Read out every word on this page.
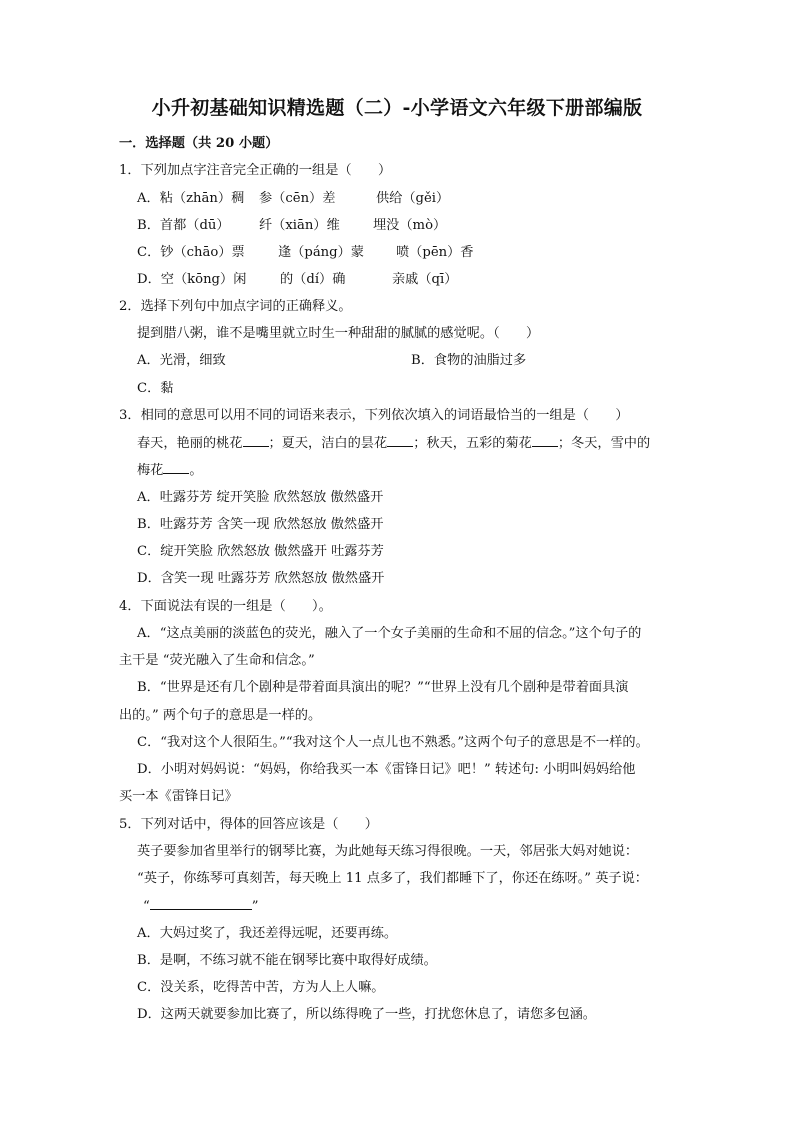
小升初基础知识精选题（二）-小学语文六年级下册部编版
一．选择题（共 20 小题）
1．下列加点字注音完全正确的一组是（　　）
A．粘（zhān）稠 参（cēn）差	供给（gěi）
B．首都（dū） 纤（xiān）维	埋没（mò）
C．钞（chāo）票	逢（páng）蒙 喷（pēn）香
D．空（kōng）闲	的（dí）确	亲戚（qī）
2．选择下列句中加点字词的正确释义。
提到腊八粥，谁不是嘴里就立时生一种甜甜的腻腻的感觉呢。（　　）
A．光滑，细致	B．食物的油脂过多
C．黏
3．相同的意思可以用不同的词语来表示，下列依次填入的词语最恰当的一组是（　　）
春天，艳丽的桃花 ；夏天，洁白的昙花 ；秋天，五彩的菊花 ；冬天，雪中的
梅花 。
A．吐露芬芳 绽开笑脸 欣然怒放 傲然盛开
B．吐露芬芳 含笑一现 欣然怒放 傲然盛开
C．绽开笑脸 欣然怒放 傲然盛开 吐露芬芳
D．含笑一现 吐露芬芳 欣然怒放 傲然盛开
4．下面说法有误的一组是（　　）。
A．“这点美丽的淡蓝色的荧光，融入了一个女子美丽的生命和不屈的信念。”这个句子的
主干是 “荧光融入了生命和信念。”
B．“世界是还有几个剧种是带着面具演出的呢？”“世界上没有几个剧种是带着面具演
出的。” 两个句子的意思是一样的。
C．“我对这个人很陌生。”“我对这个人一点儿也不熟悉。”这两个句子的意思是不一样的。
D．小明对妈妈说：“妈妈，你给我买一本《雷锋日记》吧！” 转述句: 小明叫妈妈给他
买一本《雷锋日记》
5．下列对话中，得体的回答应该是（　　）
英子要参加省里举行的钢琴比赛，为此她每天练习得很晚。一天，邻居张大妈对她说：
“英子，你练琴可真刻苦，每天晚上 11 点多了，我们都睡下了，你还在练呀。” 英子说：
“	”
A．大妈过奖了，我还差得远呢，还要再练。
B．是啊，不练习就不能在钢琴比赛中取得好成绩。
C．没关系，吃得苦中苦，方为人上人嘛。
D．这两天就要参加比赛了，所以练得晚了一些，打扰您休息了，请您多包涵。
